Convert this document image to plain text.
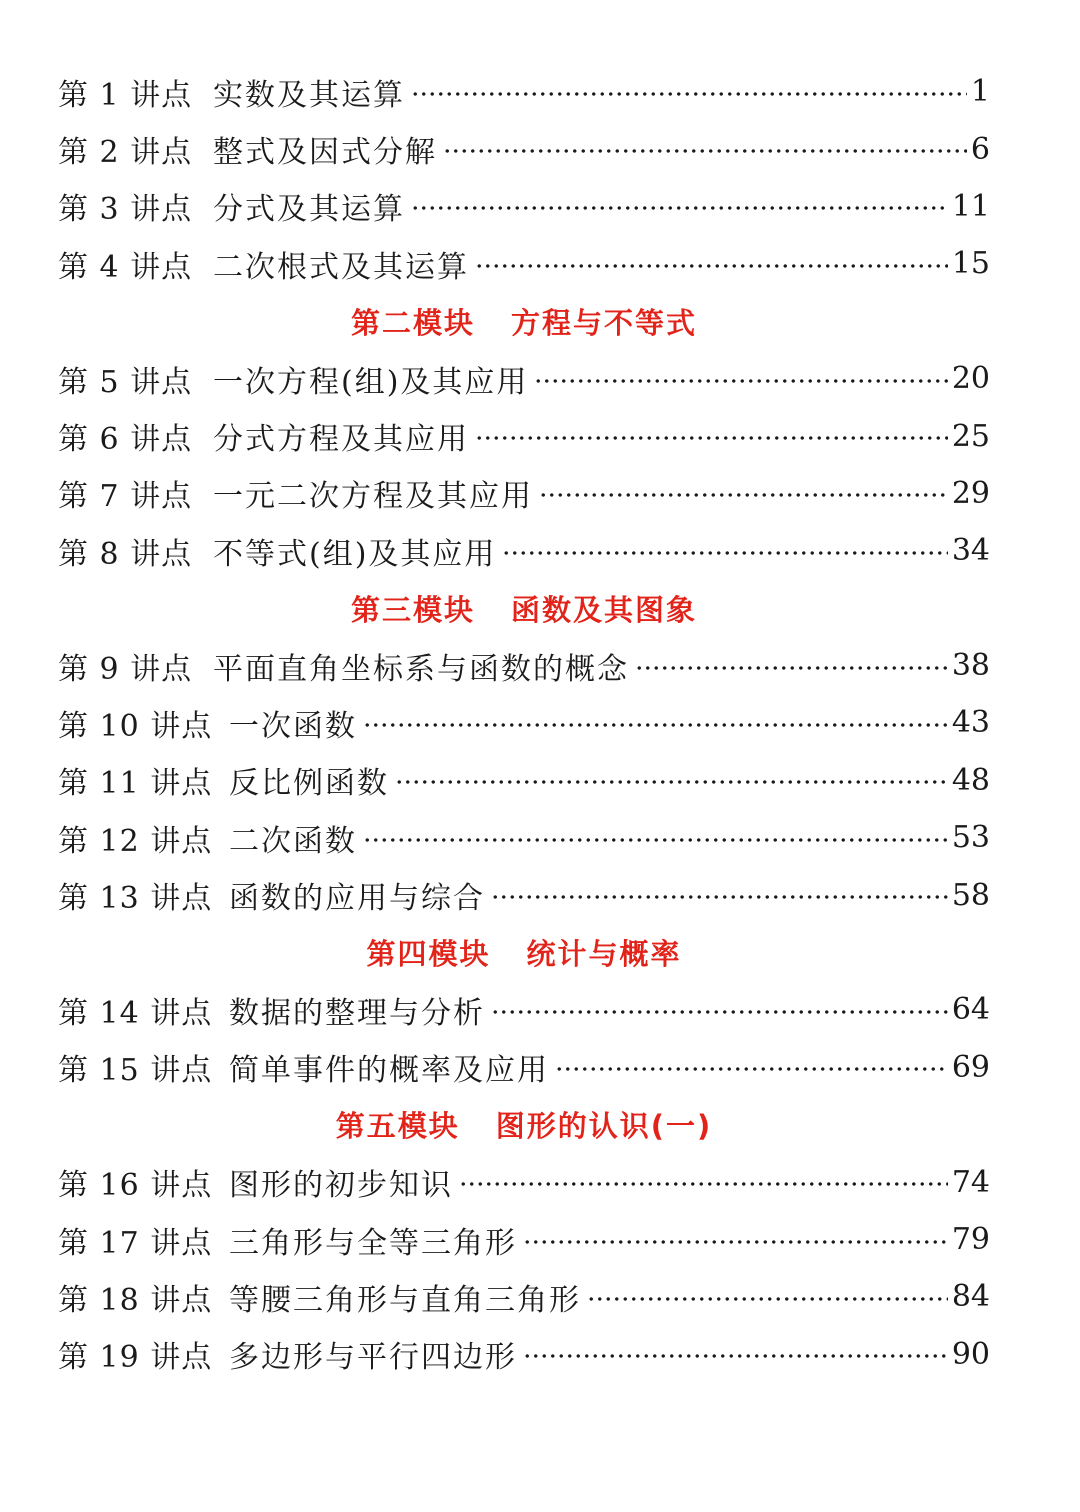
第 1 讲点 实数及其运算	1
第 2 讲点 整式及因式分解	6
第 3 讲点 分式及其运算	11
第 4 讲点 二次根式及其运算	15
第二模块 方程与不等式
第 5 讲点 一次方程(组)及其应用	20
第 6 讲点 分式方程及其应用	25
第 7 讲点 一元二次方程及其应用	29
第 8 讲点 不等式(组)及其应用	34
第三模块 函数及其图象
第 9 讲点 平面直角坐标系与函数的概念	38
第 10 讲点 一次函数	43
第 11 讲点 反比例函数	48
第 12 讲点 二次函数	53
第 13 讲点 函数的应用与综合	58
第四模块 统计与概率
第 14 讲点 数据的整理与分析	64
第 15 讲点 简单事件的概率及应用	69
第五模块 图形的认识(一)
第 16 讲点 图形的初步知识	74
第 17 讲点 三角形与全等三角形	79
第 18 讲点 等腰三角形与直角三角形	84
第 19 讲点 多边形与平行四边形	90
